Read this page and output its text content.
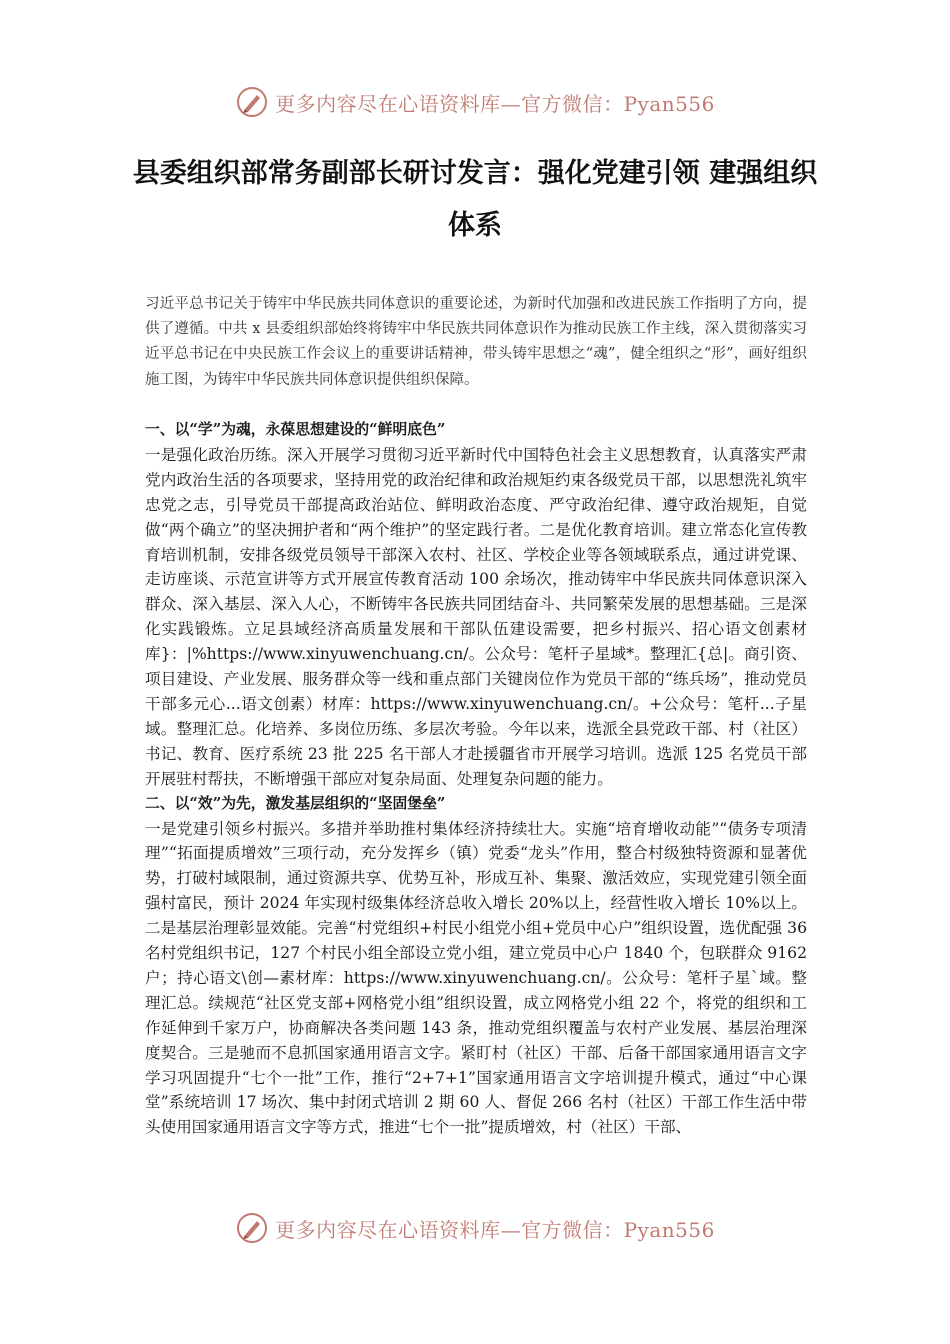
更多内容尽在心语资料库—官方微信：Pyan556
县委组织部常务副部长研讨发言：强化党建引领 建强组织体系
习近平总书记关于铸牢中华民族共同体意识的重要论述，为新时代加强和改进民族工作指明了方向，提供了遵循。中共 x 县委组织部始终将铸牢中华民族共同体意识作为推动民族工作主线，深入贯彻落实习近平总书记在中央民族工作会议上的重要讲话精神，带头铸牢思想之“魂”，健全组织之“形”，画好组织施工图，为铸牢中华民族共同体意识提供组织保障。

一、以“学”为魂，永葆思想建设的“鲜明底色”

一是强化政治历练。深入开展学习贯彻习近平新时代中国特色社会主义思想教育，认真落实严肃党内政治生活的各项要求，坚持用党的政治纪律和政治规矩约束各级党员干部，以思想洗礼筑牢忠党之志，引导党员干部提高政治站位、鲜明政治态度、严守政治纪律、遵守政治规矩，自觉做“两个确立”的坚决拥护者和“两个维护”的坚定践行者。二是优化教育培训。建立常态化宣传教育培训机制，安排各级党员领导干部深入农村、社区、学校企业等各领域联系点，通过讲党课、走访座谈、示范宣讲等方式开展宣传教育活动 100 余场次，推动铸牢中华民族共同体意识深入群众、深入基层、深入人心，不断铸牢各民族共同团结奋斗、共同繁荣发展的思想基础。三是深化实践锻炼。立足县域经济高质量发展和干部队伍建设需要，把乡村振兴、招心语文创素材库}：|%https://www.xinyuwenchuang.cn/。公众号：笔杆子星域*。整理汇{总|。商引资、项目建设、产业发展、服务群众等一线和重点部门关键岗位作为党员干部的“练兵场”，推动党员干部多元心...语文创素）材库：https://www.xinyuwenchuang.cn/。+公众号：笔杆...子星域。整理汇总。化培养、多岗位历练、多层次考验。今年以来，选派全县党政干部、村（社区）书记、教育、医疗系统 23 批 225 名干部人才赴援疆省市开展学习培训。选派 125 名党员干部开展驻村帮扶，不断增强干部应对复杂局面、处理复杂问题的能力。

二、以“效”为先，激发基层组织的“坚固堡垒”

一是党建引领乡村振兴。多措并举助推村集体经济持续壮大。实施“培育增收动能”“债务专项清理”“拓面提质增效”三项行动，充分发挥乡（镇）党委“龙头”作用，整合村级独特资源和显著优势，打破村域限制，通过资源共享、优势互补，形成互补、集聚、激活效应，实现党建引领全面强村富民，预计 2024 年实现村级集体经济总收入增长 20%以上，经营性收入增长 10%以上。二是基层治理彰显效能。完善“村党组织+村民小组党小组+党员中心户”组织设置，选优配强 36 名村党组织书记，127 个村民小组全部设立党小组，建立党员中心户 1840 个，包联群众 9162 户；持心语文\创—素材库：https://www.xinyuwenchuang.cn/。公众号：笔杆子星`域。整理汇总。续规范“社区党支部+网格党小组”组织设置，成立网格党小组 22 个，将党的组织和工作延伸到千家万户，协商解决各类问题 143 条，推动党组织覆盖与农村产业发展、基层治理深度契合。三是驰而不息抓国家通用语言文字。紧盯村（社区）干部、后备干部国家通用语言文字学习巩固提升“七个一批”工作，推行“2+7+1”国家通用语言文字培训提升模式，通过“中心课堂”系统培训 17 场次、集中封闭式培训 2 期 60 人、督促 266 名村（社区）干部工作生活中带头使用国家通用语言文字等方式，推进“七个一批”提质增效，村（社区）干部、

更多内容尽在心语资料库—官方微信：Pyan556
